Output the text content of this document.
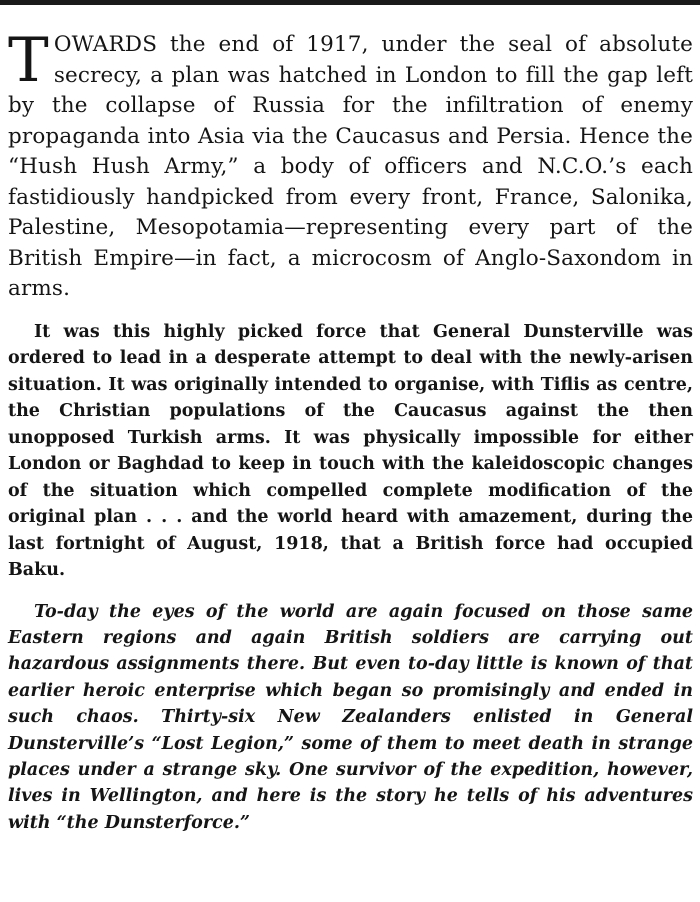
TOWARDS the end of 1917, under the seal of absolute secrecy, a plan was hatched in London to fill the gap left by the collapse of Russia for the infiltration of enemy propaganda into Asia via the Caucasus and Persia. Hence the “Hush Hush Army,” a body of officers and N.C.O.’s each fastidiously handpicked from every front, France, Salonika, Palestine, Mesopotamia—representing every part of the British Empire—in fact, a microcosm of Anglo-Saxondom in arms.

It was this highly picked force that General Dunsterville was ordered to lead in a desperate attempt to deal with the newly-arisen situation. It was originally intended to organise, with Tiflis as centre, the Christian populations of the Caucasus against the then unopposed Turkish arms. It was physically impossible for either London or Baghdad to keep in touch with the kaleidoscopic changes of the situation which compelled complete modification of the original plan . . . and the world heard with amazement, during the last fortnight of August, 1918, that a British force had occupied Baku.

To-day the eyes of the world are again focused on those same Eastern regions and again British soldiers are carrying out hazardous assignments there. But even to-day little is known of that earlier heroic enterprise which began so promisingly and ended in such chaos. Thirty-six New Zealanders enlisted in General Dunsterville’s “Lost Legion,” some of them to meet death in strange places under a strange sky. One survivor of the expedition, however, lives in Wellington, and here is the story he tells of his adventures with “the Dunsterforce.”
